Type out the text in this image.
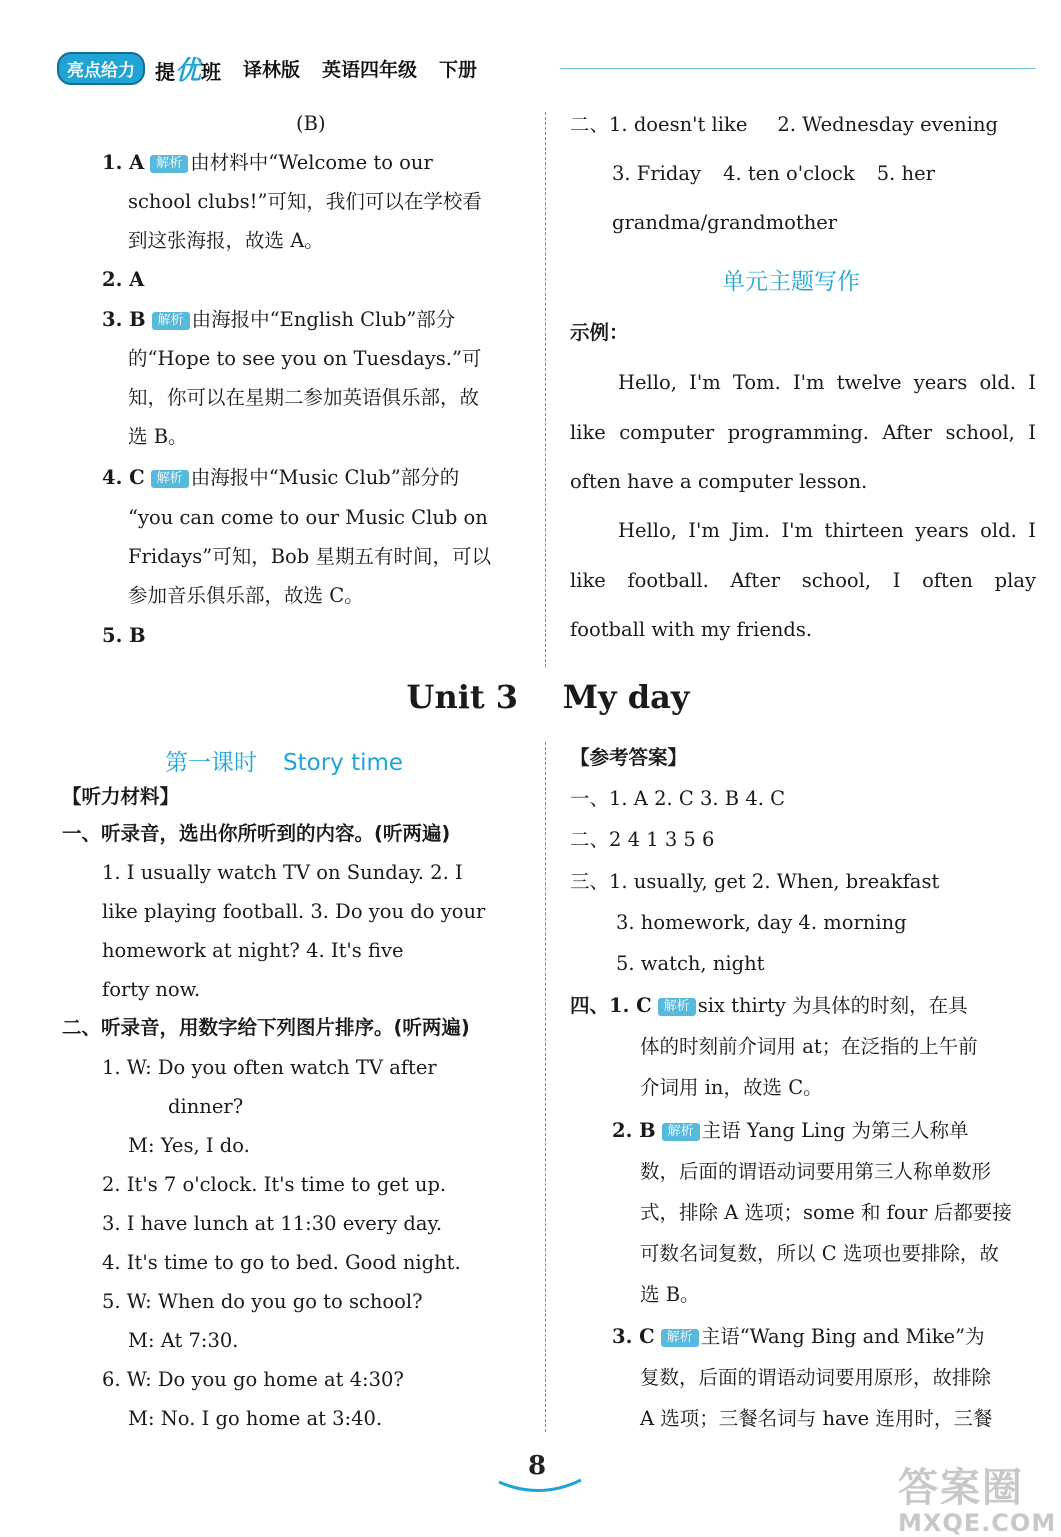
亮点给力	提优班 译林版 英语四年级 下册
(B)
1. A 解析 由材料中“Welcome to our
school clubs!”可知，我们可以在学校看
到这张海报，故选 A。
2. A
3. B 解析 由海报中“English Club”部分
的“Hope to see you on Tuesdays.”可
知，你可以在星期二参加英语俱乐部，故
选 B。
4. C 解析 由海报中“Music Club”部分的
“you can come to our Music Club on
Fridays”可知，Bob 星期五有时间，可以
参加音乐俱乐部，故选 C。
5. B
二、1. doesn't like 2. Wednesday evening
3. Friday 4. ten o'clock 5. her
grandma/grandmother
单元主题写作
示例：
Hello, I'm Tom. I'm twelve years old. I
like computer programming. After school, I
often have a computer lesson.
Hello, I'm Jim. I'm thirteen years old. I
like football. After school, I often play
football with my friends.
Unit 3    My day
第一课时 Story time
【听力材料】
一、听录音，选出你所听到的内容。(听两遍)
1. I usually watch TV on Sunday. 2. I
like playing football. 3. Do you do your
homework at night? 4. It's five
forty now.
二、听录音，用数字给下列图片排序。(听两遍)
1. W: Do you often watch TV after
dinner?
M: Yes, I do.
2. It's 7 o'clock. It's time to get up.
3. I have lunch at 11:30 every day.
4. It's time to go to bed. Good night.
5. W: When do you go to school?
M: At 7:30.
6. W: Do you go home at 4:30?
M: No. I go home at 3:40.
【参考答案】
一、1. A 2. C 3. B 4. C
二、2 4 1 3 5 6
三、1. usually, get 2. When, breakfast
3. homework, day 4. morning
5. watch, night
四、1. C 解析 six thirty 为具体的时刻，在具
体的时刻前介词用 at；在泛指的上午前
介词用 in，故选 C。
2. B 解析 主语 Yang Ling 为第三人称单
数，后面的谓语动词要用第三人称单数形
式，排除 A 选项；some 和 four 后都要接
可数名词复数，所以 C 选项也要排除，故
选 B。
3. C 解析 主语“Wang Bing and Mike”为
复数，后面的谓语动词要用原形，故排除
A 选项；三餐名词与 have 连用时，三餐
8	答案圈
MXQE.COM
